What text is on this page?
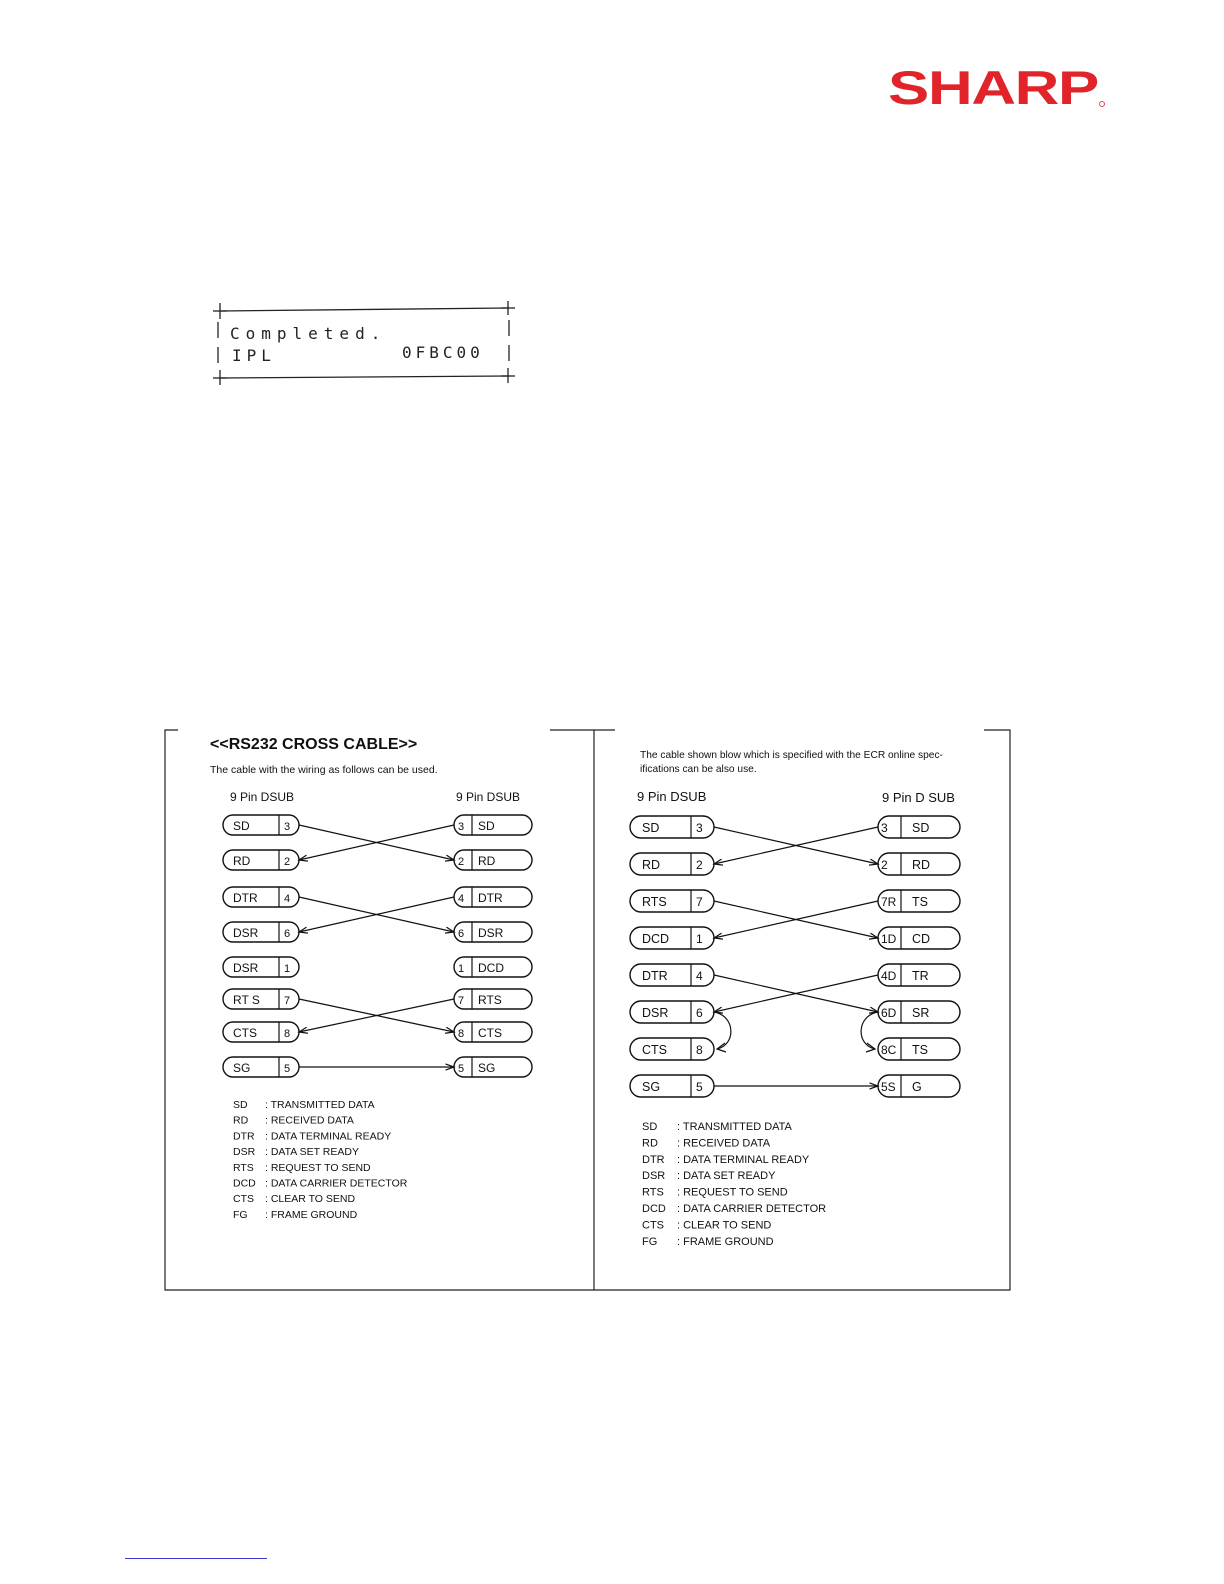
SHARP
Completed.
IPL	0FBC00
<<RS232 CROSS CABLE>>
The cable with the wiring as follows can be used.
9 Pin DSUB	9 Pin DSUB
SD	3	3 SD
RD	2	2 RD
DTR 4	4 DTR
DSR 6	6 DSR
DSR 1	1 DCD
RT S 7	7 RTS
CTS 8	8 CTS
SG	5	5 SG
SD : TRANSMITTED DATA
RD : RECEIVED DATA
DTR : DATA TERMINAL READY
DSR : DATA SET READY
RTS : REQUEST TO SEND
DCD : DATA CARRIER DETECTOR
CTS : CLEAR TO SEND
FG : FRAME GROUND
The cable shown blow which is specified with the ECR online spec-
ifications can be also use.
9 Pin DSUB	9 Pin D SUB
SD	3	3 SD
RD	2	2 RD
RTS 7	7R TS
DCD 1	1D CD
DTR 4	4D TR
DSR 6	6D SR
CTS 8	8C TS
SG	5	5S G
SD : TRANSMITTED DATA
RD : RECEIVED DATA
DTR : DATA TERMINAL READY
DSR : DATA SET READY
RTS : REQUEST TO SEND
DCD : DATA CARRIER DETECTOR
CTS : CLEAR TO SEND
FG : FRAME GROUND
